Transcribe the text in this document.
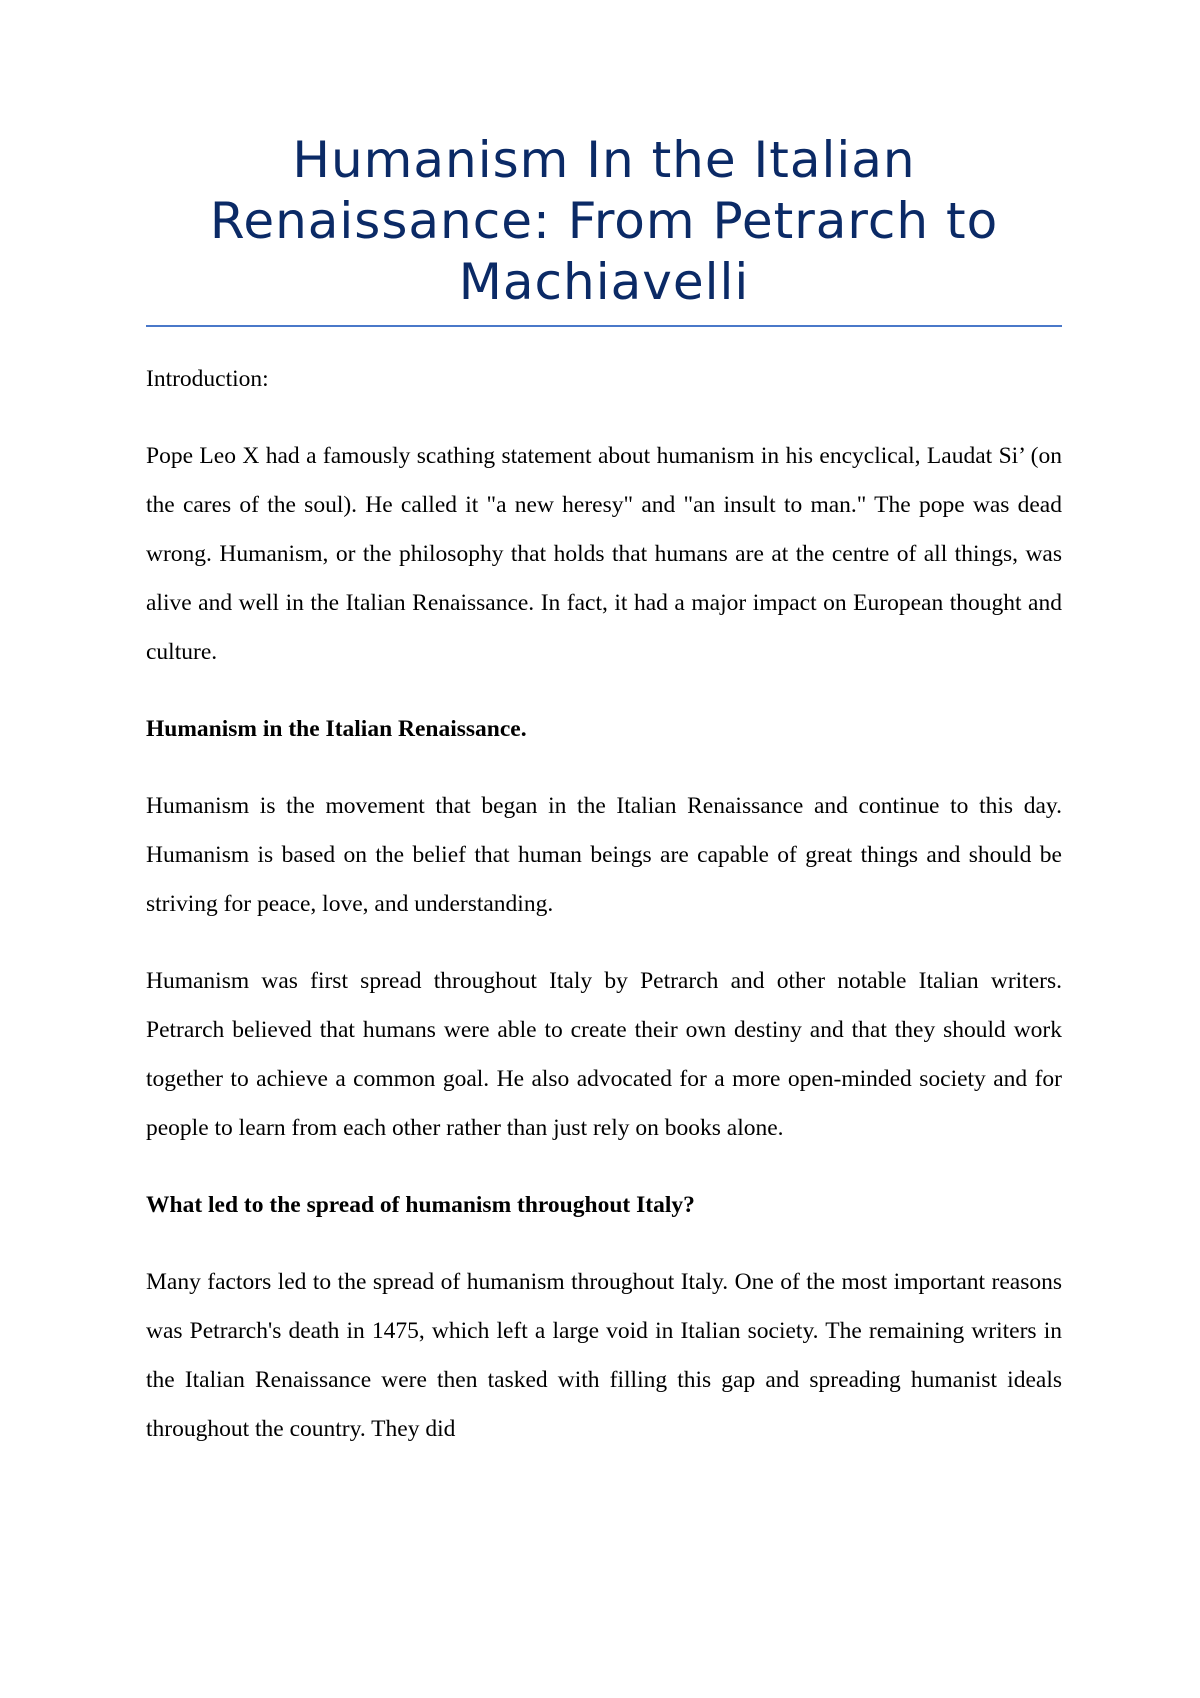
Humanism In the Italian Renaissance: From Petrarch to Machiavelli

Introduction:

Pope Leo X had a famously scathing statement about humanism in his encyclical, Laudat Si’ (on the cares of the soul). He called it "a new heresy" and "an insult to man." The pope was dead wrong. Humanism, or the philosophy that holds that humans are at the centre of all things, was alive and well in the Italian Renaissance. In fact, it had a major impact on European thought and culture.

Humanism in the Italian Renaissance.

Humanism is the movement that began in the Italian Renaissance and continue to this day. Humanism is based on the belief that human beings are capable of great things and should be striving for peace, love, and understanding.

Humanism was first spread throughout Italy by Petrarch and other notable Italian writers. Petrarch believed that humans were able to create their own destiny and that they should work together to achieve a common goal. He also advocated for a more open-minded society and for people to learn from each other rather than just rely on books alone.

What led to the spread of humanism throughout Italy?

Many factors led to the spread of humanism throughout Italy. One of the most important reasons was Petrarch's death in 1475, which left a large void in Italian society. The remaining writers in the Italian Renaissance were then tasked with filling this gap and spreading humanist ideals throughout the country. They did
